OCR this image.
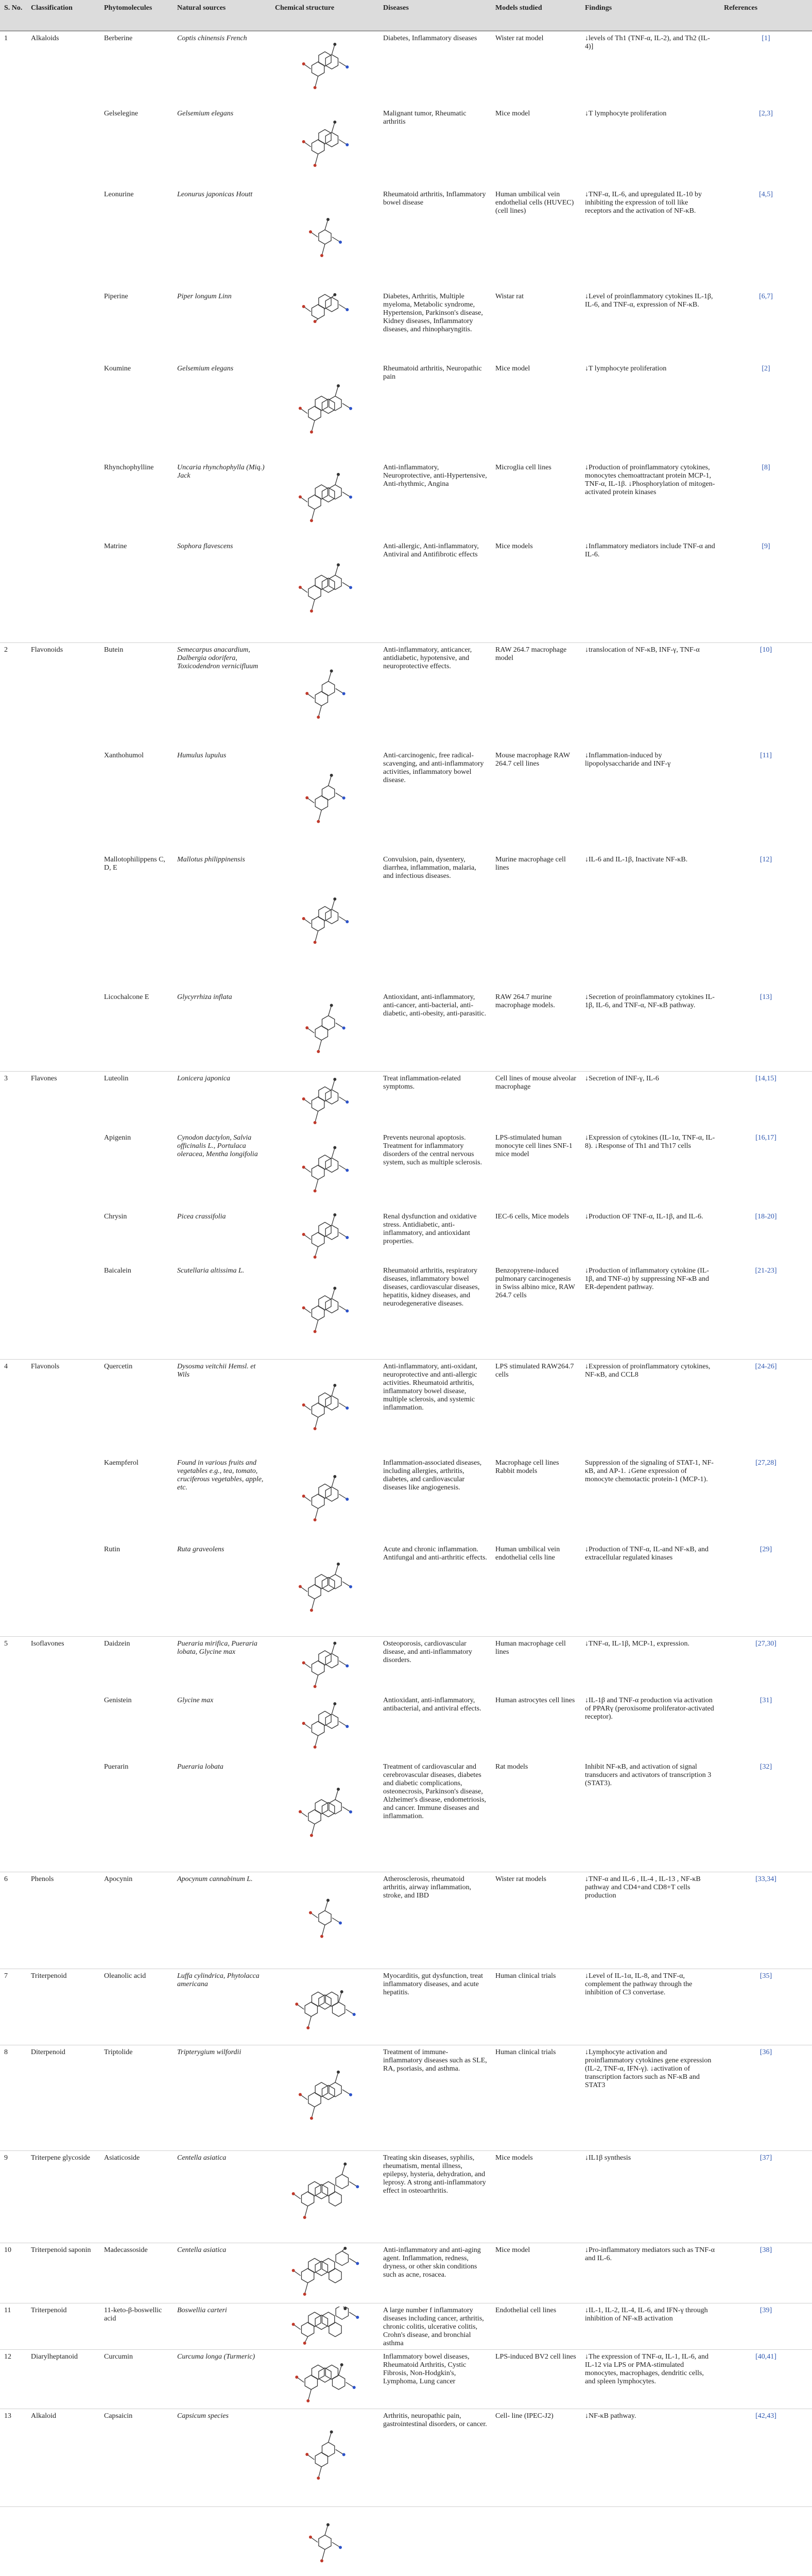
S. No.	Classification	Phytomolecules	Natural sources	Chemical structure	Diseases	Models studied	Findings	References
1	Alkaloids	Berberine	Coptis chinensis French		Diabetes, Inflammatory diseases	Wister rat model	↓levels of Th1 (TNF-α, IL-2), and Th2 (IL-4)]	[1]
		Gelselegine	Gelsemium elegans		Malignant tumor, Rheumatic arthritis	Mice model	↓T lymphocyte proliferation	[2,3]
		Leonurine	Leonurus japonicas Houtt		Rheumatoid arthritis, Inflammatory bowel disease	Human umbilical vein endothelial cells (HUVEC) (cell lines)	↓TNF-α, IL-6, and upregulated IL-10 by inhibiting the expression of toll like receptors and the activation of NF-κB.	[4,5]
		Piperine	Piper longum Linn		Diabetes, Arthritis, Multiple myeloma, Metabolic syndrome, Hypertension, Parkinson's disease, Kidney diseases, Inflammatory diseases, and rhinopharyngitis.	Wistar rat	↓Level of proinflammatory cytokines IL-1β, IL-6, and TNF-α, expression of NF-κB.	[6,7]
		Koumine	Gelsemium elegans		Rheumatoid arthritis, Neuropathic pain	Mice model	↓T lymphocyte proliferation	[2]
		Rhynchophylline	Uncaria rhynchophylla (Miq.) Jack		Anti-inflammatory, Neuroprotective, anti-Hypertensive, Anti-rhythmic, Angina	Microglia cell lines	↓Production of proinflammatory cytokines, monocytes chemoattractant protein MCP-1, TNF-α, IL-1β. ↓Phosphorylation of mitogen-activated protein kinases	[8]
		Matrine	Sophora flavescens		Anti-allergic, Anti-inflammatory, Antiviral and Antifibrotic effects	Mice models	↓Inflammatory mediators include TNF-α and IL-6.	[9]
2	Flavonoids	Butein	Semecarpus anacardium, Dalbergia odorifera, Toxicodendron vernicifluum		Anti-inflammatory, anticancer, antidiabetic, hypotensive, and neuroprotective effects.	RAW 264.7 macrophage model	↓translocation of NF-κB, INF-γ, TNF-α	[10]
		Xanthohumol	Humulus lupulus		Anti-carcinogenic, free radical-scavenging, and anti-inflammatory activities, inflammatory bowel disease.	Mouse macrophage RAW 264.7 cell lines	↓Inflammation-induced by lipopolysaccharide and INF-γ	[11]
		Mallotophilippens C, D, E	Mallotus philippinensis		Convulsion, pain, dysentery, diarrhea, inflammation, malaria, and infectious diseases.	Murine macrophage cell lines	↓IL-6 and IL-1β, Inactivate NF-κB.	[12]
		Licochalcone E	Glycyrrhiza inflata		Antioxidant, anti-inflammatory, anti-cancer, anti-bacterial, anti-diabetic, anti-obesity, anti-parasitic.	RAW 264.7 murine macrophage models.	↓Secretion of proinflammatory cytokines IL-1β, IL-6, and TNF-α, NF-κB pathway.	[13]
3	Flavones	Luteolin	Lonicera japonica		Treat inflammation-related symptoms.	Cell lines of mouse alveolar macrophage	↓Secretion of INF-γ, IL-6	[14,15]
		Apigenin	Cynodon dactylon, Salvia officinalis L., Portulaca oleracea, Mentha longifolia		Prevents neuronal apoptosis. Treatment for inflammatory disorders of the central nervous system, such as multiple sclerosis.	LPS-stimulated human monocyte cell lines SNF-1 mice model	↓Expression of cytokines (IL-1α, TNF-α, IL-8). ↓Response of Th1 and Th17 cells	[16,17]
		Chrysin	Picea crassifolia		Renal dysfunction and oxidative stress. Antidiabetic, anti-inflammatory, and antioxidant properties.	IEC-6 cells, Mice models	↓Production OF TNF-α, IL-1β, and IL-6.	[18-20]
		Baicalein	Scutellaria altissima L.		Rheumatoid arthritis, respiratory diseases, inflammatory bowel diseases, cardiovascular diseases, hepatitis, kidney diseases, and neurodegenerative diseases.	Benzopyrene-induced pulmonary carcinogenesis in Swiss albino mice, RAW 264.7 cells	↓Production of inflammatory cytokine (IL-1β, and TNF-α) by suppressing NF-κB and ER-dependent pathway.	[21-23]
4	Flavonols	Quercetin	Dysosma veitchii Hemsl. et Wils		Anti-inflammatory, anti-oxidant, neuroprotective and anti-allergic activities. Rheumatoid arthritis, inflammatory bowel disease, multiple sclerosis, and systemic inflammation.	LPS stimulated RAW264.7 cells	↓Expression of proinflammatory cytokines, NF-κB, and CCL8	[24-26]
		Kaempferol	Found in various fruits and vegetables e.g., tea, tomato, cruciferous vegetables, apple, etc.		Inflammation-associated diseases, including allergies, arthritis, diabetes, and cardiovascular diseases like angiogenesis.	Macrophage cell lines Rabbit models	Suppression of the signaling of STAT-1, NF-κB, and AP-1. ↓Gene expression of monocyte chemotactic protein-1 (MCP-1).	[27,28]
		Rutin	Ruta graveolens		Acute and chronic inflammation. Antifungal and anti-arthritic effects.	Human umbilical vein endothelial cells line	↓Production of TNF-α, IL-and NF-κB, and extracellular regulated kinases	[29]
5	Isoflavones	Daidzein	Pueraria mirifica, Pueraria lobata, Glycine max		Osteoporosis, cardiovascular disease, and anti-inflammatory disorders.	Human macrophage cell lines	↓TNF-α, IL-1β, MCP-1, expression.	[27,30]
		Genistein	Glycine max		Antioxidant, anti-inflammatory, antibacterial, and antiviral effects.	Human astrocytes cell lines	↓IL-1β and TNF-α production via activation of PPARγ (peroxisome proliferator-activated receptor).	[31]
		Puerarin	Pueraria lobata		Treatment of cardiovascular and cerebrovascular diseases, diabetes and diabetic complications, osteonecrosis, Parkinson's disease, Alzheimer's disease, endometriosis, and cancer. Immune diseases and inflammation.	Rat models	Inhibit NF-κB, and activation of signal transducers and activators of transcription 3 (STAT3).	[32]
6	Phenols	Apocynin	Apocynum cannabinum L.		Atherosclerosis, rheumatoid arthritis, airway inflammation, stroke, and IBD	Wister rat models	↓TNF-α and IL-6 , IL-4 , IL-13 , NF-κB pathway and CD4+and CD8+T cells production	[33,34]
7	Triterpenoid	Oleanolic acid	Luffa cylindrica, Phytolacca americana		Myocarditis, gut dysfunction, treat inflammatory diseases, and acute hepatitis.	Human clinical trials	↓Level of IL-1α, IL-8, and TNF-α, complement the pathway through the inhibition of C3 convertase.	[35]
8	Diterpenoid	Triptolide	Tripterygium wilfordii		Treatment of immune-inflammatory diseases such as SLE, RA, psoriasis, and asthma.	Human clinical trials	↓Lymphocyte activation and proinflammatory cytokines gene expression (IL-2, TNF-α, IFN-γ). ↓activation of transcription factors such as NF-κB and STAT3	[36]
9	Triterpene glycoside	Asiaticoside	Centella asiatica		Treating skin diseases, syphilis, rheumatism, mental illness, epilepsy, hysteria, dehydration, and leprosy. A strong anti-inflammatory effect in osteoarthritis.	Mice models	↓IL1β synthesis	[37]
10	Triterpenoid saponin	Madecassoside	Centella asiatica		Anti-inflammatory and anti-aging agent. Inflammation, redness, dryness, or other skin conditions such as acne, rosacea.	Mice model	↓Pro-inflammatory mediators such as TNF-α and IL-6.	[38]
11	Triterpenoid	11-keto-β-boswellic acid	Boswellia carteri		A large number f inflammatory diseases including cancer, arthritis, chronic colitis, ulcerative colitis, Crohn's disease, and bronchial asthma	Endothelial cell lines	↓IL-1, IL-2, IL-4, IL-6, and IFN-γ through inhibition of NF-κB activation	[39]
12	Diarylheptanoid	Curcumin	Curcuma longa (Turmeric)		Inflammatory bowel diseases, Rheumatoid Arthritis, Cystic Fibrosis, Non-Hodgkin's, Lymphoma, Lung cancer	LPS-induced BV2 cell lines	↓The expression of TNF-α, IL-1, IL-6, and IL-12 via LPS or PMA-stimulated monocytes, macrophages, dendritic cells, and spleen lymphocytes.	[40,41]
13	Alkaloid	Capsaicin	Capsicum species		Arthritis, neuropathic pain, gastrointestinal disorders, or cancer.	Cell- line (IPEC-J2)	↓NF-κB pathway.	[42,43]
